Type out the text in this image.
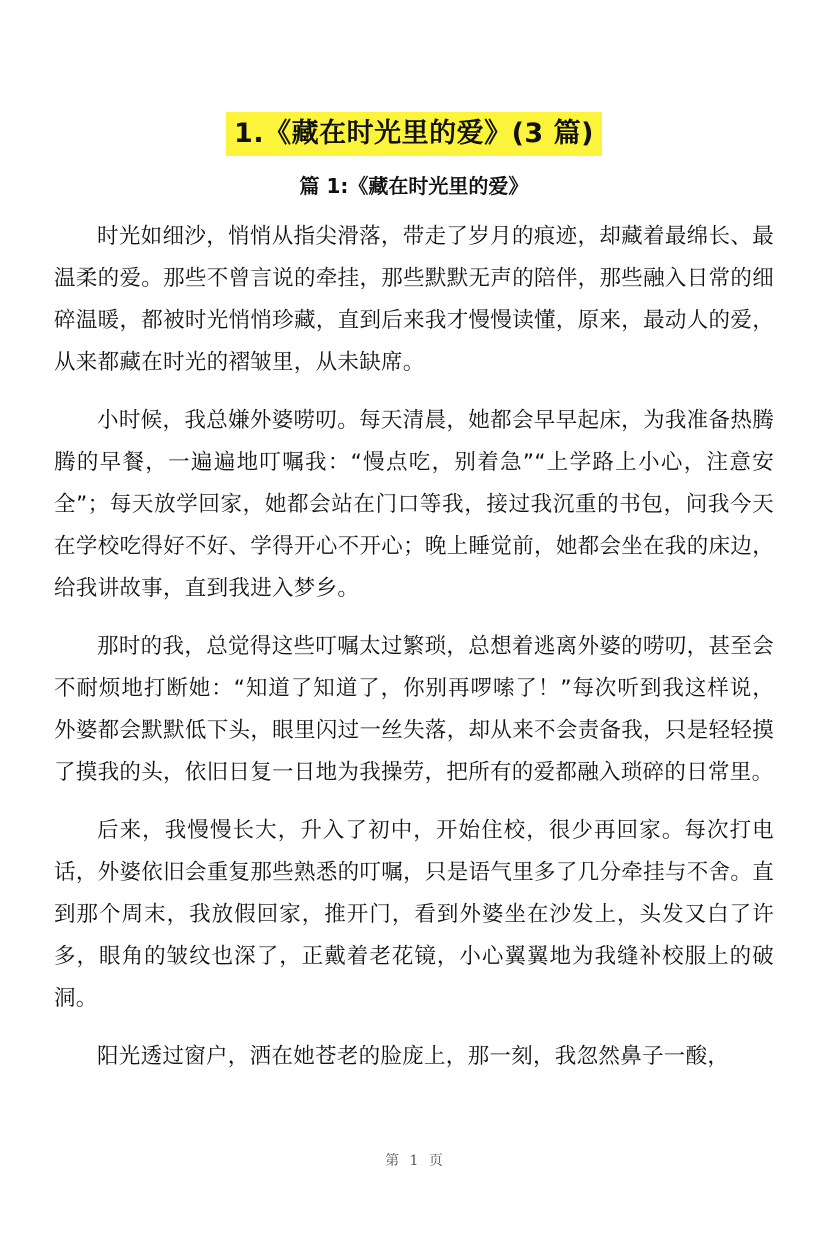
1.《藏在时光里的爱》(3 篇)
篇 1:《藏在时光里的爱》

时光如细沙，悄悄从指尖滑落，带走了岁月的痕迹，却藏着最绵长、最温柔的爱。那些不曾言说的牵挂，那些默默无声的陪伴，那些融入日常的细碎温暖，都被时光悄悄珍藏，直到后来我才慢慢读懂，原来，最动人的爱，从来都藏在时光的褶皱里，从未缺席。

小时候，我总嫌外婆唠叨。每天清晨，她都会早早起床，为我准备热腾腾的早餐，一遍遍地叮嘱我：“慢点吃，别着急”“上学路上小心，注意安全”；每天放学回家，她都会站在门口等我，接过我沉重的书包，问我今天在学校吃得好不好、学得开心不开心；晚上睡觉前，她都会坐在我的床边，给我讲故事，直到我进入梦乡。

那时的我，总觉得这些叮嘱太过繁琐，总想着逃离外婆的唠叨，甚至会不耐烦地打断她：“知道了知道了，你别再啰嗦了！”每次听到我这样说，外婆都会默默低下头，眼里闪过一丝失落，却从来不会责备我，只是轻轻摸了摸我的头，依旧日复一日地为我操劳，把所有的爱都融入琐碎的日常里。

后来，我慢慢长大，升入了初中，开始住校，很少再回家。每次打电话，外婆依旧会重复那些熟悉的叮嘱，只是语气里多了几分牵挂与不舍。直到那个周末，我放假回家，推开门，看到外婆坐在沙发上，头发又白了许多，眼角的皱纹也深了，正戴着老花镜，小心翼翼地为我缝补校服上的破洞。

阳光透过窗户，洒在她苍老的脸庞上，那一刻，我忽然鼻子一酸，

第 1 页
